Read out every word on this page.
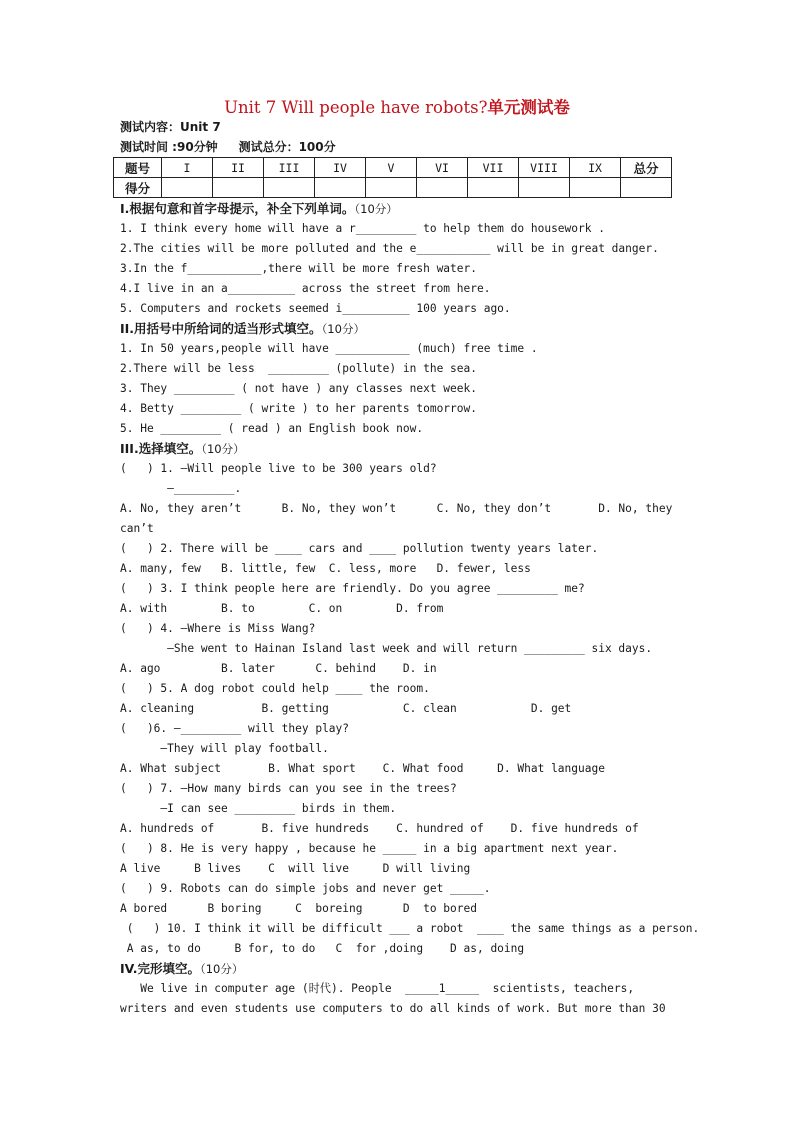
Unit 7 Will people have robots?单元测试卷
测试内容：Unit 7
测试时间 :90分钟 测试总分：100分
题号	I	II	III	IV	V	VI	VII	VIII	IX	总分
得分										
I.根据句意和首字母提示，补全下列单词。（10分）
1. I think every home will have a r_________ to help them do housework .
2.The cities will be more polluted and the e___________ will be in great danger.
3.In the f___________,there will be more fresh water.
4.I live in an a__________ across the street from here.
5. Computers and rockets seemed i__________ 100 years ago.
II.用括号中所给词的适当形式填空。（10分）
1. In 50 years,people will have ___________ (much) free time .
2.There will be less  _________ (pollute) in the sea.
3. They _________ ( not have ) any classes next week.
4. Betty _________ ( write ) to her parents tomorrow.
5. He _________ ( read ) an English book now.
III.选择填空。（10分）
(   ) 1. —Will people live to be 300 years old?
—_________.
A. No, they aren’t      B. No, they won’t      C. No, they don’t       D. No, they
can’t
(   ) 2. There will be ____ cars and ____ pollution twenty years later.
A. many, few   B. little, few  C. less, more   D. fewer, less
(   ) 3. I think people here are friendly. Do you agree _________ me?
A. with        B. to        C. on        D. from
(   ) 4. —Where is Miss Wang?
—She went to Hainan Island last week and will return _________ six days.
A. ago         B. later      C. behind    D. in
(   ) 5. A dog robot could help ____ the room.
A. cleaning          B. getting           C. clean           D. get
(   )6. —_________ will they play?
—They will play football.
A. What subject       B. What sport    C. What food     D. What language
(   ) 7. —How many birds can you see in the trees?
—I can see _________ birds in them.
A. hundreds of       B. five hundreds    C. hundred of    D. five hundreds of
(   ) 8. He is very happy , because he _____ in a big apartment next year.
A live     B lives    C  will live     D will living
(   ) 9. Robots can do simple jobs and never get _____.
A bored      B boring     C  boreing      D  to bored
(   ) 10. I think it will be difficult ___ a robot  ____ the same things as a person.
A as, to do     B for, to do   C  for ,doing    D as, doing
IV.完形填空。（10分）
We live in computer age (时代). People  _____1_____  scientists, teachers,
writers and even students use computers to do all kinds of work. But more than 30
